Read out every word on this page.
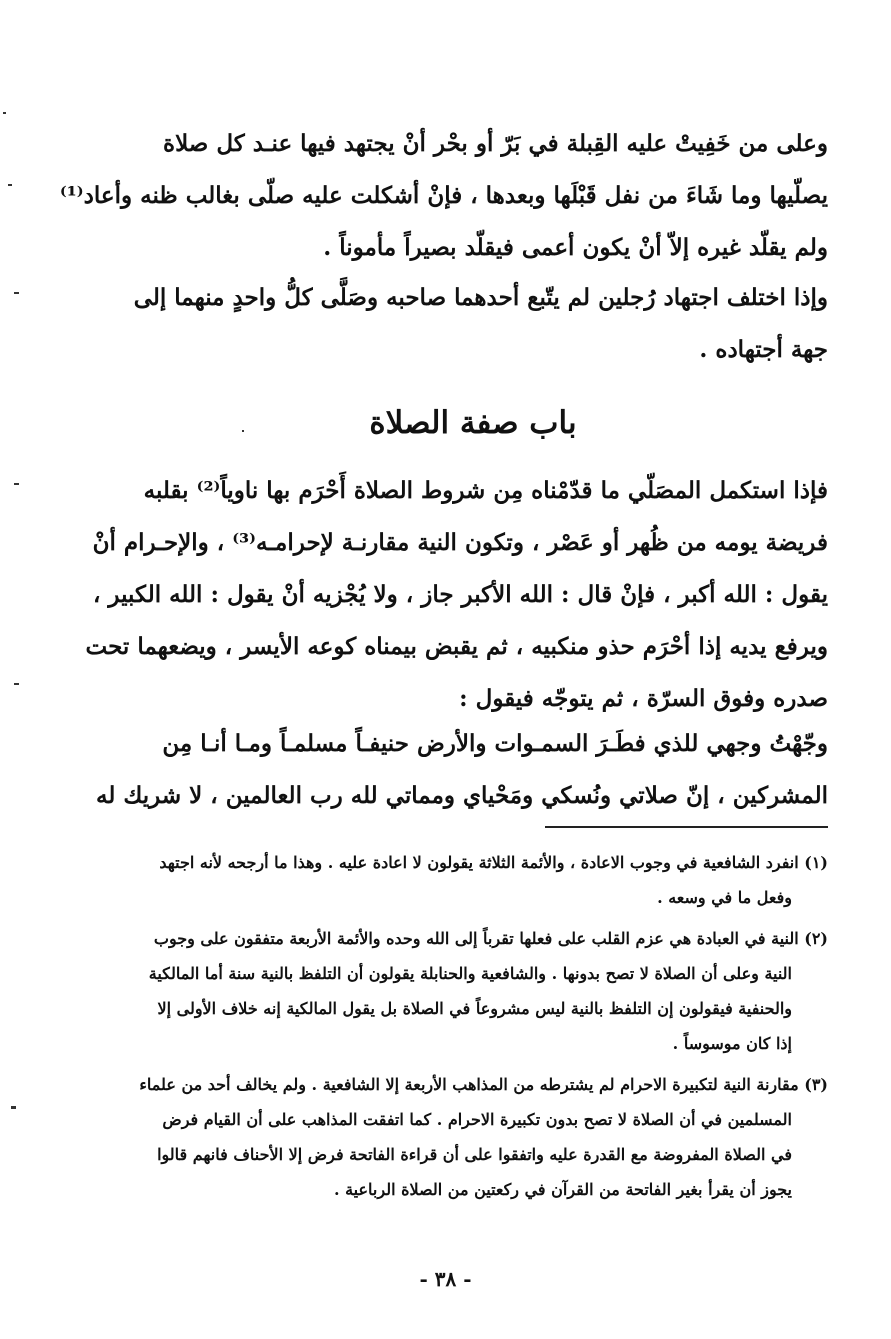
وعلى من خَفِيتْ عليه القِبلة في بَرّ أو بحْر أنْ يجتهد فيها عنـد كل صلاة
يصلّيها وما شَاءَ من نفل قَبْلَها وبعدها ، فإنْ أشكلت عليه صلّى بغالب ظنه وأعاد⁽¹⁾
ولم يقلّد غيره إلاّ أنْ يكون أعمى فيقلّد بصيراً مأموناً .
وإذا اختلف اجتهاد رُجلين لم يتّبع أحدهما صاحبه وصَلَّى كلُّ واحدٍ منهما إلى
جهة أجتهاده .
باب صفة الصلاة
فإذا استكمل المصَلّي ما قدّمْناه مِن شروط الصلاة أَحْرَم بها ناوياً⁽²⁾ بقلبه
فريضة يومه من ظُهر أو عَصْر ، وتكون النية مقارنـة لإحرامـه⁽³⁾ ، والإحـرام أنْ
يقول : الله أكبر ، فإنْ قال : الله الأكبر جاز ، ولا يُجْزيه أنْ يقول : الله الكبير ،
ويرفع يديه إذا أحْرَم حذو منكبيه ، ثم يقبض بيمناه كوعه الأيسر ، ويضعهما تحت
صدره وفوق السرّة ، ثم يتوجّه فيقول :
وجّهْتُ وجهي للذي فطَـرَ السمـوات والأرض حنيفـاً مسلمـاً ومـا أنـا مِن
المشركين ، إنّ صلاتي ونُسكي ومَحْياي ومماتي لله رب العالمين ، لا شريك له
(١) انفرد الشافعية في وجوب الاعادة ، والأئمة الثلاثة يقولون لا اعادة عليه . وهذا ما أرجحه لأنه اجتهد
وفعل ما في وسعه .
(٢) النية في العبادة هي عزم القلب على فعلها تقرباً إلى الله وحده والأئمة الأربعة متفقون على وجوب
النية وعلى أن الصلاة لا تصح بدونها . والشافعية والحنابلة يقولون أن التلفظ بالنية سنة أما المالكية
والحنفية فيقولون إن التلفظ بالنية ليس مشروعاً في الصلاة بل يقول المالكية إنه خلاف الأولى إلا
إذا كان موسوساً .
(٣) مقارنة النية لتكبيرة الاحرام لم يشترطه من المذاهب الأربعة إلا الشافعية . ولم يخالف أحد من علماء
المسلمين في أن الصلاة لا تصح بدون تكبيرة الاحرام . كما اتفقت المذاهب على أن القيام فرض
في الصلاة المفروضة مع القدرة عليه واتفقوا على أن قراءة الفاتحة فرض إلا الأحناف فانهم قالوا
يجوز أن يقرأ بغير الفاتحة من القرآن في ركعتين من الصلاة الرباعية .
- ٣٨ -
